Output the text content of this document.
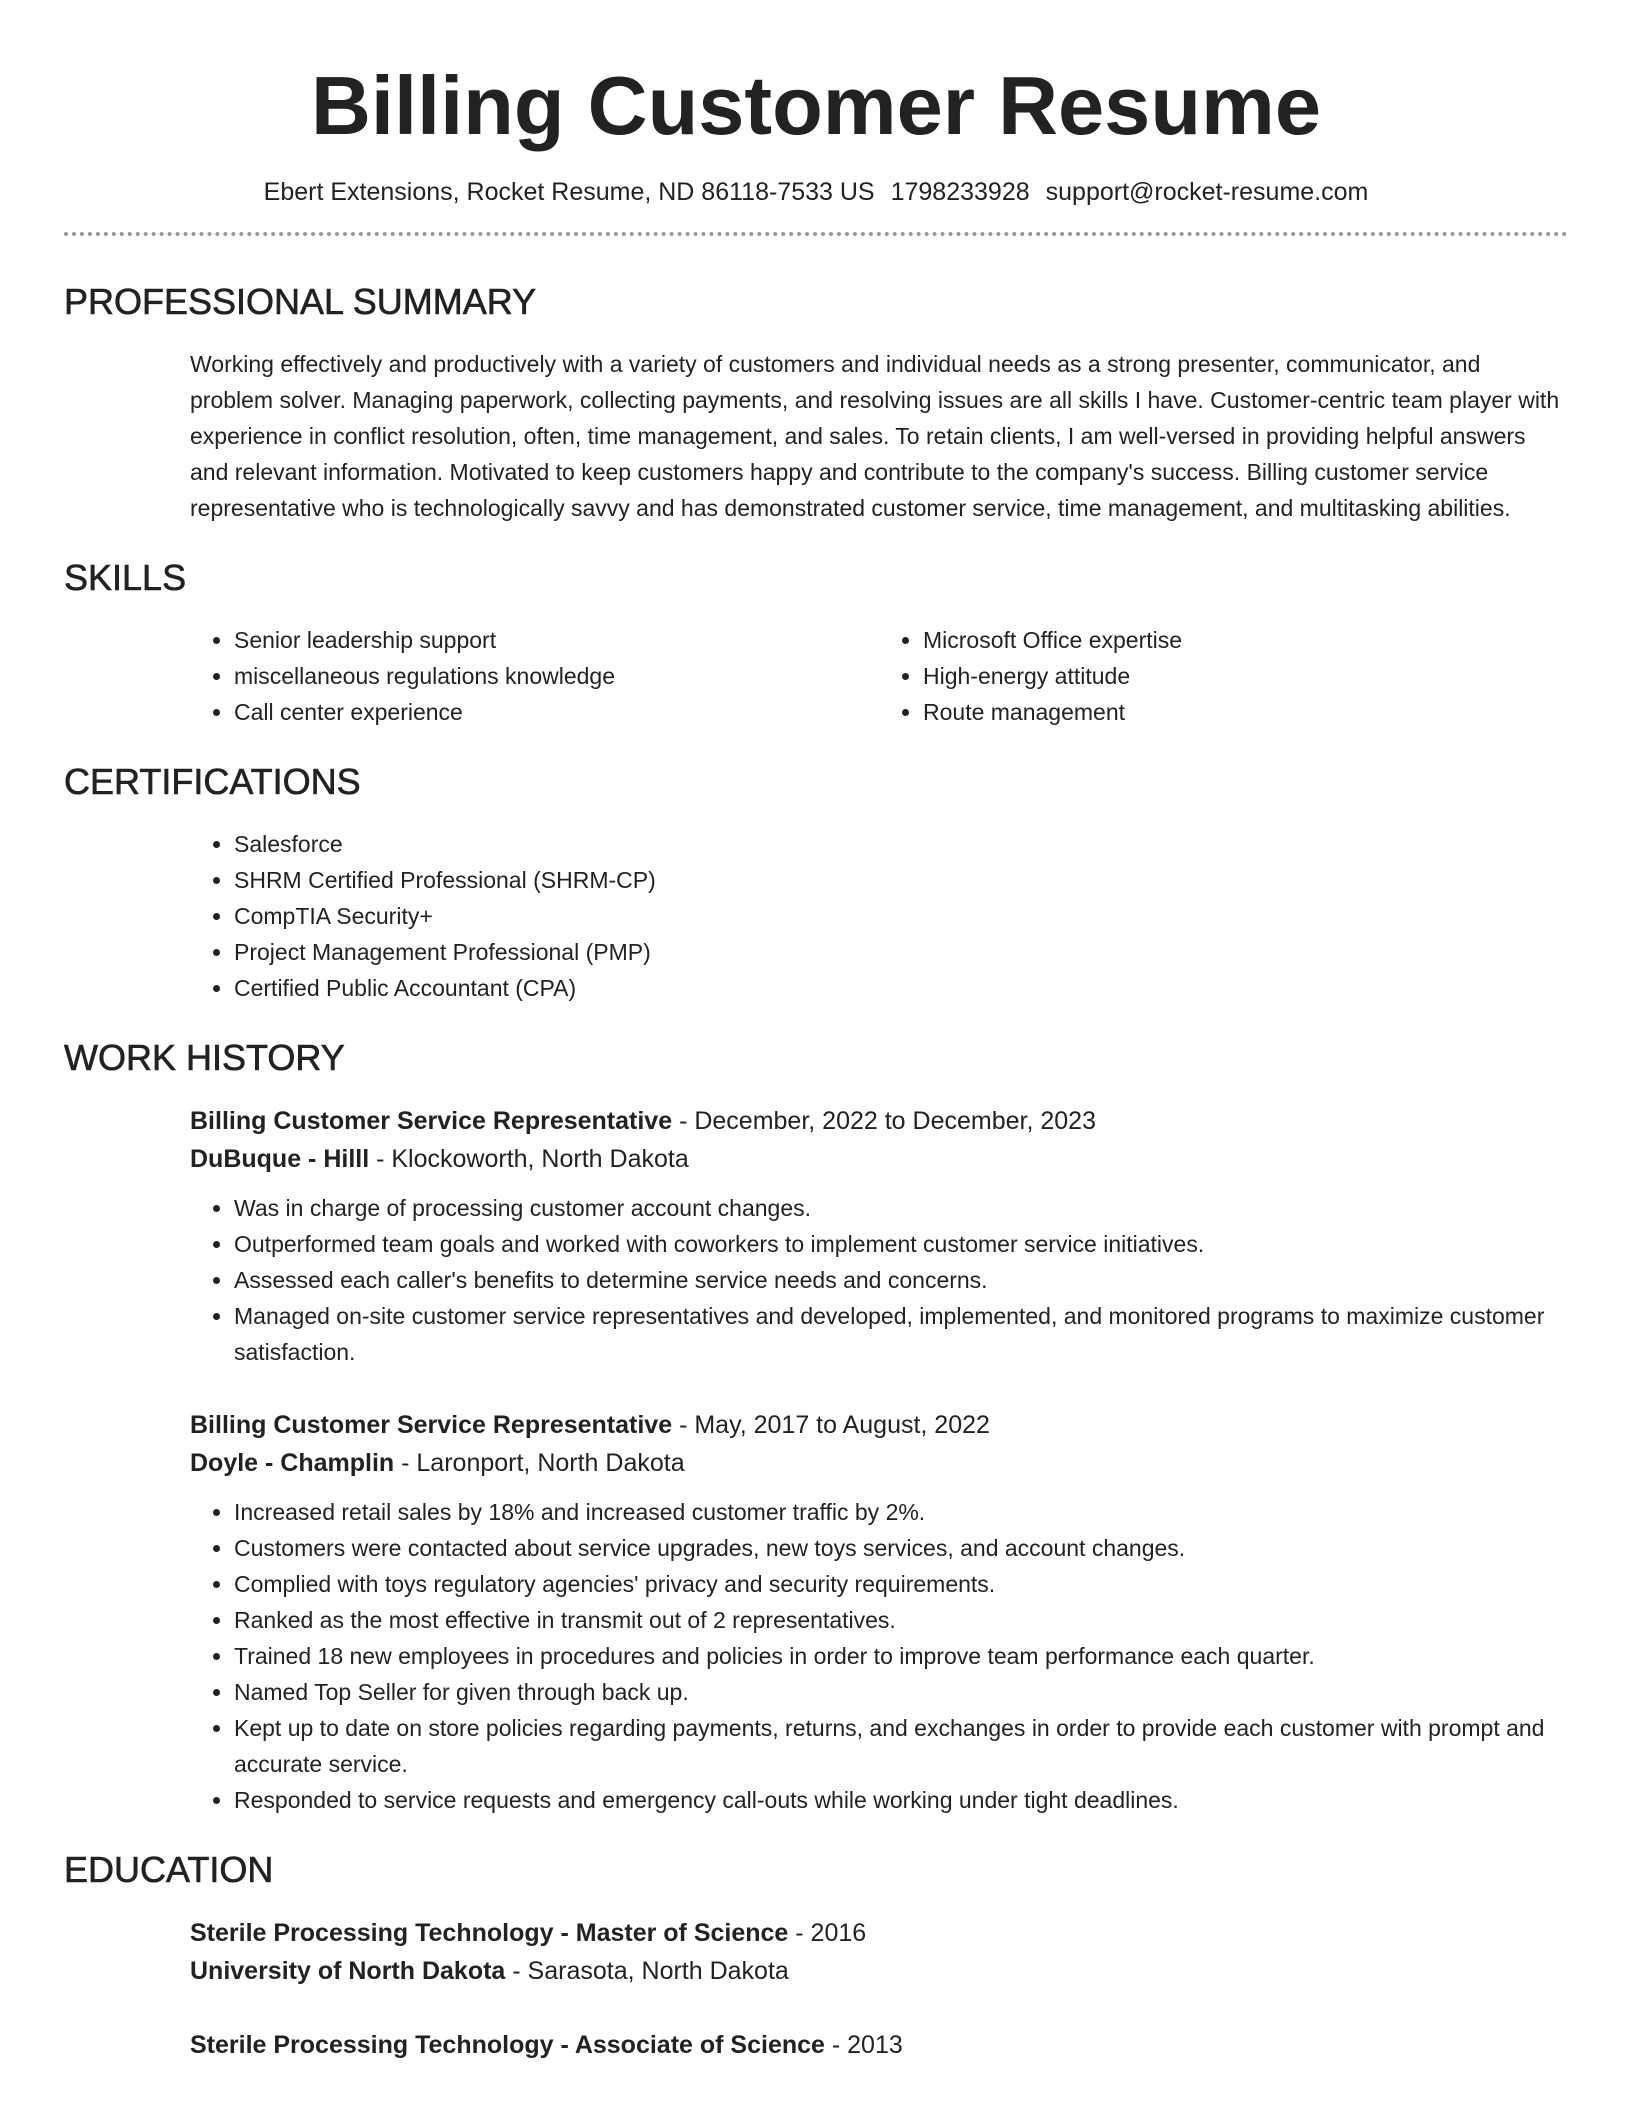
Billing Customer Resume
Ebert Extensions, Rocket Resume, ND 86118-7533 US 1798233928 support@rocket-resume.com
PROFESSIONAL SUMMARY

Working effectively and productively with a variety of customers and individual needs as a strong presenter, communicator, and problem solver. Managing paperwork, collecting payments, and resolving issues are all skills I have. Customer-centric team player with experience in conflict resolution, often, time management, and sales. To retain clients, I am well-versed in providing helpful answers and relevant information. Motivated to keep customers happy and contribute to the company's success. Billing customer service representative who is technologically savvy and has demonstrated customer service, time management, and multitasking abilities.

SKILLS
• Senior leadership support
• miscellaneous regulations knowledge
• Call center experience
• Microsoft Office expertise
• High-energy attitude
• Route management
CERTIFICATIONS
• Salesforce
• SHRM Certified Professional (SHRM-CP)
• CompTIA Security+
• Project Management Professional (PMP)
• Certified Public Accountant (CPA)
WORK HISTORY
Billing Customer Service Representative - December, 2022 to December, 2023
DuBuque - Hilll - Klockoworth, North Dakota
• Was in charge of processing customer account changes.
• Outperformed team goals and worked with coworkers to implement customer service initiatives.
• Assessed each caller's benefits to determine service needs and concerns.
• Managed on-site customer service representatives and developed, implemented, and monitored programs to maximize customer satisfaction.
Billing Customer Service Representative - May, 2017 to August, 2022
Doyle - Champlin - Laronport, North Dakota
• Increased retail sales by 18% and increased customer traffic by 2%.
• Customers were contacted about service upgrades, new toys services, and account changes.
• Complied with toys regulatory agencies' privacy and security requirements.
• Ranked as the most effective in transmit out of 2 representatives.
• Trained 18 new employees in procedures and policies in order to improve team performance each quarter.
• Named Top Seller for given through back up.
• Kept up to date on store policies regarding payments, returns, and exchanges in order to provide each customer with prompt and accurate service.
• Responded to service requests and emergency call-outs while working under tight deadlines.
EDUCATION
Sterile Processing Technology - Master of Science - 2016
University of North Dakota - Sarasota, North Dakota
Sterile Processing Technology - Associate of Science - 2013
